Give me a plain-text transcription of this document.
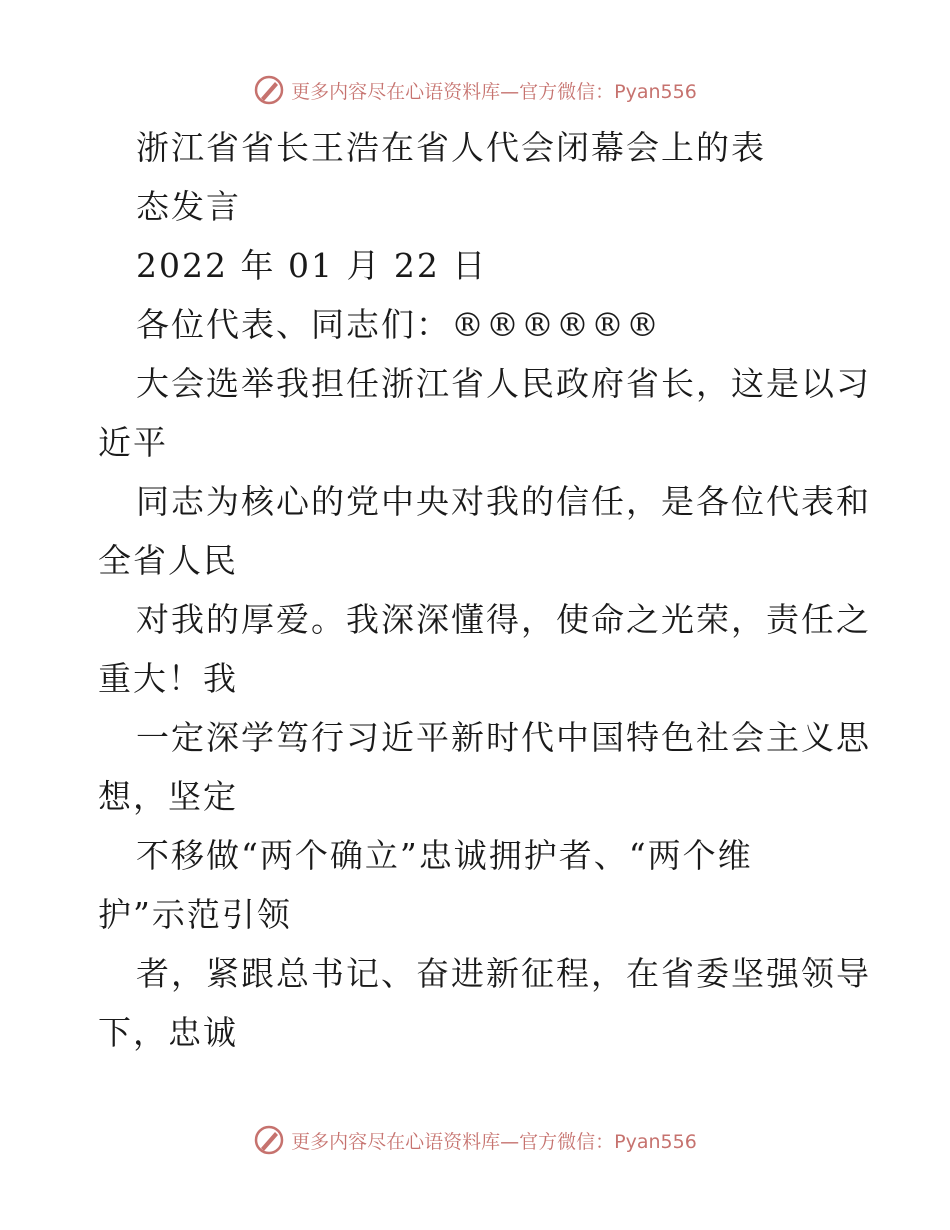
更多内容尽在心语资料库—官方微信：Pyan556
浙江省省长王浩在省人代会闭幕会上的表
态发言
2022 年 01 月 22 日
各位代表、同志们：®®®®®®
大会选举我担任浙江省人民政府省长，这是以习
近平
同志为核心的党中央对我的信任，是各位代表和
全省人民
对我的厚爱。我深深懂得，使命之光荣，责任之
重大！我
一定深学笃行习近平新时代中国特色社会主义思
想，坚定
不移做“两个确立”忠诚拥护者、“两个维
护”示范引领
者，紧跟总书记、奋进新征程，在省委坚强领导
下，忠诚
更多内容尽在心语资料库—官方微信：Pyan556
